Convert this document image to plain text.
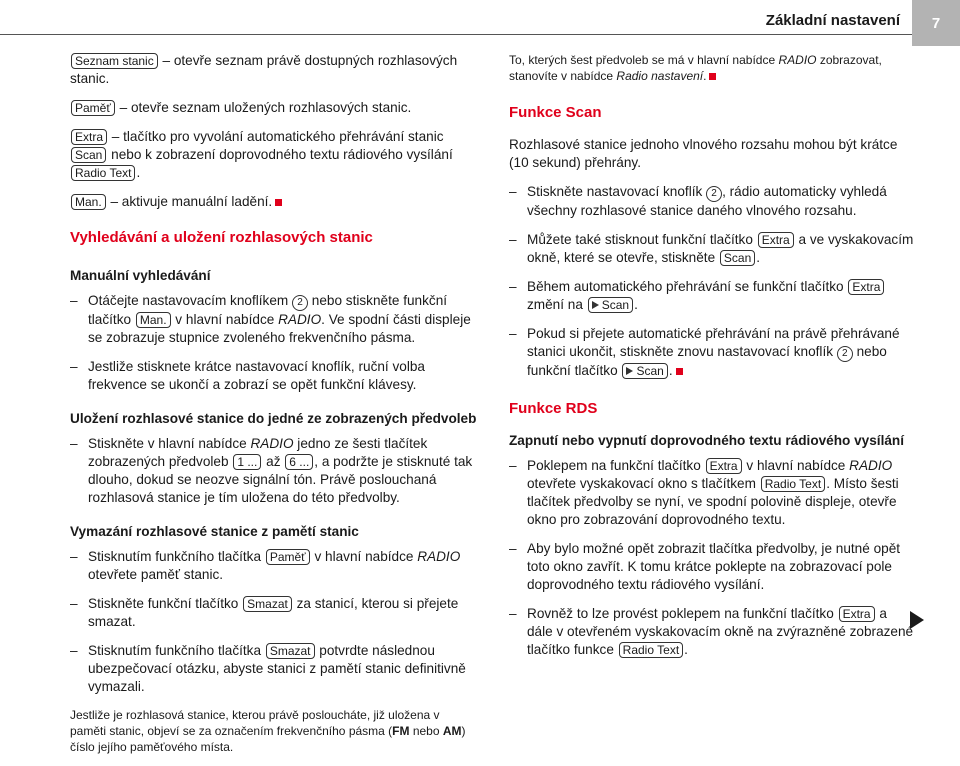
Základní nastavení	7

Seznam stanic – otevře seznam právě dostupných rozhlasových stanic.

Paměť – otevře seznam uložených rozhlasových stanic.

Extra – tlačítko pro vyvolání automatického přehrávání stanic Scan nebo k zobrazení doprovodného textu rádiového vysílání Radio Text .

Man. – aktivuje manuální ladění.

Vyhledávání a uložení rozhlasových stanic
Manuální vyhledávání
– Otáčejte nastavovacím knoflíkem 2 nebo stiskněte funkční tlačítko Man. v hlavní nabídce RADIO. Ve spodní části displeje se zobrazuje stupnice zvoleného frekvenčního pásma.
– Jestliže stisknete krátce nastavovací knoflík, ruční volba frekvence se ukončí a zobrazí se opět funkční klávesy.
Uložení rozhlasové stanice do jedné ze zobrazených předvoleb
– Stiskněte v hlavní nabídce RADIO jedno ze šesti tlačítek zobrazených předvoleb 1 ... až 6 ... , a podržte je stisknuté tak dlouho, dokud se neozve signální tón. Právě poslouchaná rozhlasová stanice je tím uložena do této předvolby.
Vymazání rozhlasové stanice z pamětí stanic
– Stisknutím funkčního tlačítka Paměť v hlavní nabídce RADIO otevřete paměť stanic.
– Stiskněte funkční tlačítko Smazat za stanicí, kterou si přejete smazat.
– Stisknutím funkčního tlačítka Smazat potvrdte následnou ubezpečovací otázku, abyste stanici z pamětí stanic definitivně vymazali.

Jestliže je rozhlasová stanice, kterou právě posloucháte, již uložena v paměti stanic, objeví se za označením frekvenčního pásma (FM nebo AM) číslo jejího paměťového místa.

To, kterých šest předvoleb se má v hlavní nabídce RADIO zobrazovat, stanovíte v nabídce Radio nastavení.

Funkce Scan

Rozhlasové stanice jednoho vlnového rozsahu mohou být krátce (10 sekund) přehrány.

– Stiskněte nastavovací knoflík 2 , rádio automaticky vyhledá všechny rozhlasové stanice daného vlnového rozsahu.
– Můžete také stisknout funkční tlačítko Extra a ve vyskakovacím okně, které se otevře, stiskněte Scan .
– Během automatického přehrávání se funkční tlačítko Extra změní na Scan .
– Pokud si přejete automatické přehrávání na právě přehrávané stanici ukončit, stiskněte znovu nastavovací knoflík 2 nebo funkční tlačítko Scan .
Funkce RDS
Zapnutí nebo vypnutí doprovodného textu rádiového vysílání
– Poklepem na funkční tlačítko Extra v hlavní nabídce RADIO otevřete vyskakovací okno s tlačítkem Radio Text . Místo šesti tlačítek předvolby se nyní, ve spodní polovině displeje, otevře okno pro zobrazování doprovodného textu.
– Aby bylo možné opět zobrazit tlačítka předvolby, je nutné opět toto okno zavřít. K tomu krátce poklepte na zobrazovací pole doprovodného textu rádiového vysílání.
– Rovněž to lze provést poklepem na funkční tlačítko Extra a dále v otevřeném vyskakovacím okně na zvýrazněné zobrazené tlačítko funkce Radio Text .
